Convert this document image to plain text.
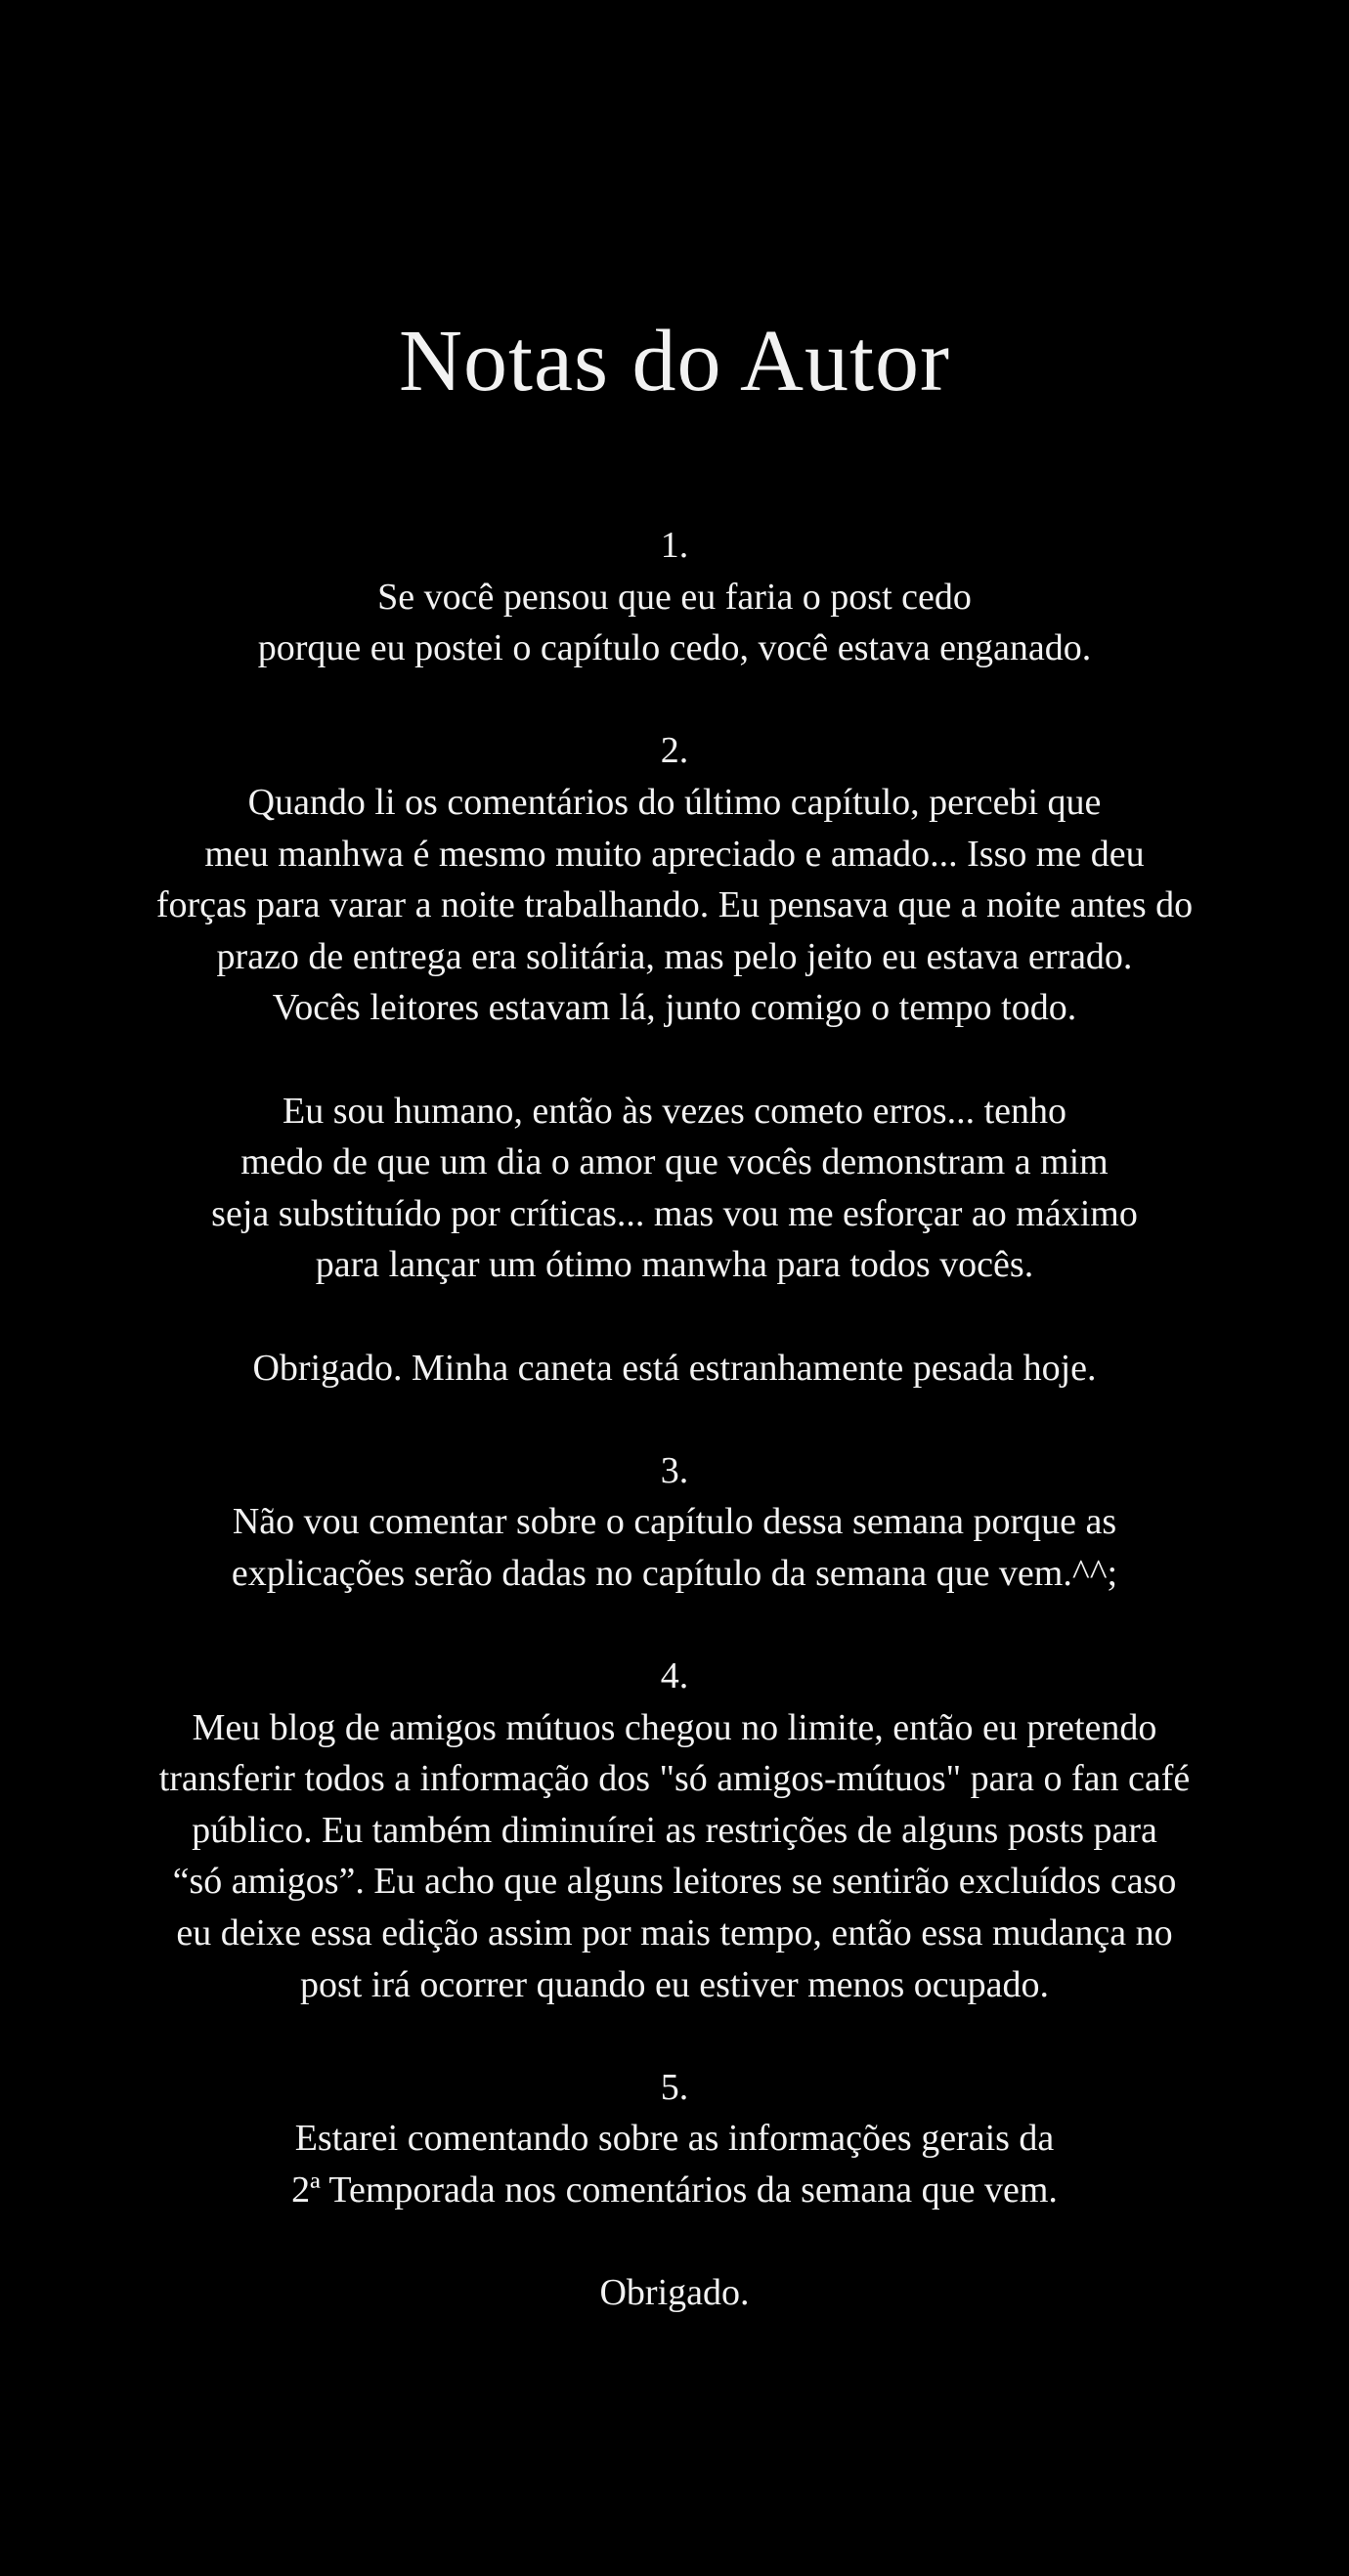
Notas do Autor
1.
Se você pensou que eu faria o post cedo
porque eu postei o capítulo cedo, você estava enganado.
2.
Quando li os comentários do último capítulo, percebi que
meu manhwa é mesmo muito apreciado e amado... Isso me deu
forças para varar a noite trabalhando. Eu pensava que a noite antes do
prazo de entrega era solitária, mas pelo jeito eu estava errado.
Vocês leitores estavam lá, junto comigo o tempo todo.
Eu sou humano, então às vezes cometo erros... tenho
medo de que um dia o amor que vocês demonstram a mim
seja substituído por críticas... mas vou me esforçar ao máximo
para lançar um ótimo manwha para todos vocês.
Obrigado. Minha caneta está estranhamente pesada hoje.
3.
Não vou comentar sobre o capítulo dessa semana porque as
explicações serão dadas no capítulo da semana que vem.^^;
4.
Meu blog de amigos mútuos chegou no limite, então eu pretendo
transferir todos a informação dos "só amigos-mútuos" para o fan café
público. Eu também diminuírei as restrições de alguns posts para
“só amigos”. Eu acho que alguns leitores se sentirão excluídos caso
eu deixe essa edição assim por mais tempo, então essa mudança no
post irá ocorrer quando eu estiver menos ocupado.
5.
Estarei comentando sobre as informações gerais da
2ª Temporada nos comentários da semana que vem.
Obrigado.
